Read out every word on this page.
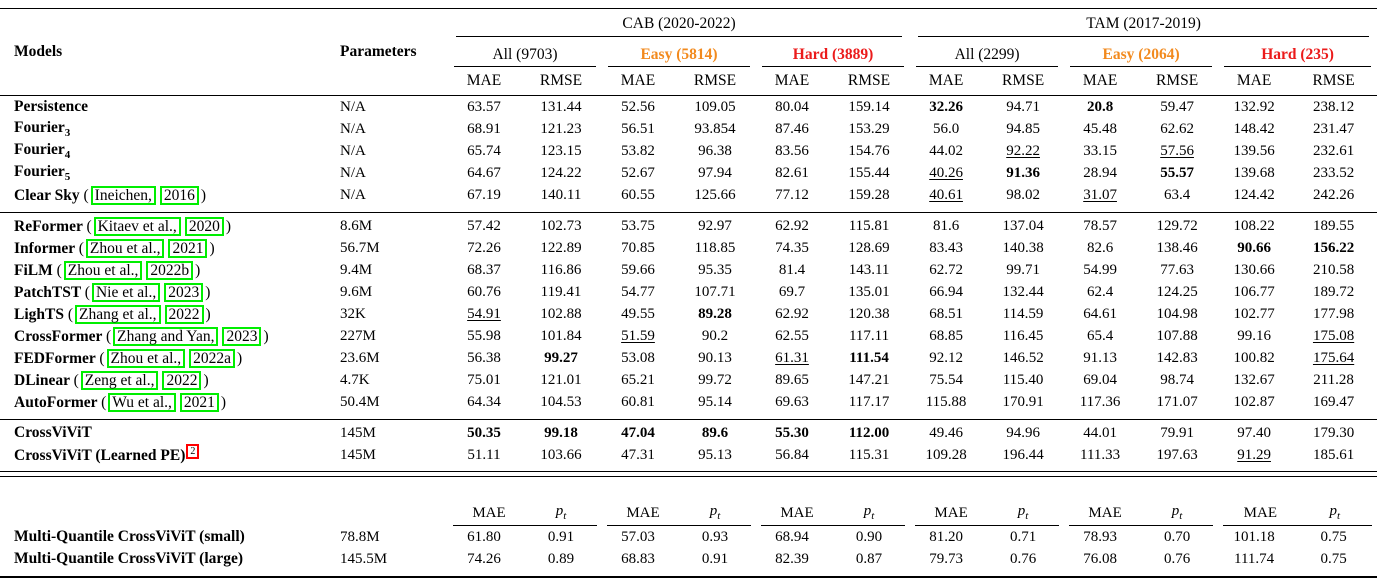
Models	Parameters	CAB (2020-2022)						TAM (2017-2019)					

		All (9703)		Easy (5814)		Hard (3889)		All (2299)		Easy (2064)		Hard (235)	

		MAE	RMSE	MAE	RMSE	MAE	RMSE	MAE	RMSE	MAE	RMSE	MAE	RMSE
Persistence	N/A	63.57	131.44	52.56	109.05	80.04	159.14	32.26	94.71	20.8	59.47	132.92	238.12
Fourier$_3$	N/A	68.91	121.23	56.51	93.854	87.46	153.29	56.0	94.85	45.48	62.62	148.42	231.47
Fourier$_4$	N/A	65.74	123.15	53.82	96.38	83.56	154.76	44.02	92.22	33.15	57.56	139.56	232.61
Fourier$_5$	N/A	64.67	124.22	52.67	97.94	82.61	155.44	40.26	91.36	28.94	55.57	139.68	233.52
Clear Sky ( Ineichen, 2016 )	N/A	67.19	140.11	60.55	125.66	77.12	159.28	40.61	98.02	31.07	63.4	124.42	242.26

ReFormer ( Kitaev et al., 2020 )	8.6M	57.42	102.73	53.75	92.97	62.92	115.81	81.6	137.04	78.57	129.72	108.22	189.55
Informer ( Zhou et al., 2021 )	56.7M	72.26	122.89	70.85	118.85	74.35	128.69	83.43	140.38	82.6	138.46	90.66	156.22
FiLM ( Zhou et al., 2022b )	9.4M	68.37	116.86	59.66	95.35	81.4	143.11	62.72	99.71	54.99	77.63	130.66	210.58
PatchTST ( Nie et al., 2023 )	9.6M	60.76	119.41	54.77	107.71	69.7	135.01	66.94	132.44	62.4	124.25	106.77	189.72
LighTS ( Zhang et al., 2022 )	32K	54.91	102.88	49.55	89.28	62.92	120.38	68.51	114.59	64.61	104.98	102.77	177.98
CrossFormer ( Zhang and Yan, 2023 )	227M	55.98	101.84	51.59	90.2	62.55	117.11	68.85	116.45	65.4	107.88	99.16	175.08
FEDFormer ( Zhou et al., 2022a )	23.6M	56.38	99.27	53.08	90.13	61.31	111.54	92.12	146.52	91.13	142.83	100.82	175.64
DLinear ( Zeng et al., 2022 )	4.7K	75.01	121.01	65.21	99.72	89.65	147.21	75.54	115.40	69.04	98.74	132.67	211.28
AutoFormer ( Wu et al., 2021 )	50.4M	64.34	104.53	60.81	95.14	69.63	117.17	115.88	170.91	117.36	171.07	102.87	169.47

CrossViViT	145M	50.35	99.18	47.04	89.6	55.30	112.00	49.46	94.96	44.01	79.91	97.40	179.30
CrossViViT (Learned PE) $^2$	145M	51.11	103.66	47.31	95.13	56.84	115.31	109.28	196.44	111.33	197.63	91.29	185.61

		MAE $p_t$		MAE $p_t$		MAE $p_t$		MAE $p_t$		MAE $p_t$		MAE $p_t$

Multi-Quantile CrossViViT (small)	78.8M	61.80	0.91	57.03	0.93	68.94	0.90	81.20	0.71	78.93	0.70	101.18	0.75
Multi-Quantile CrossViViT (large)	145.5M	74.26	0.89	68.83	0.91	82.39	0.87	79.73	0.76	76.08	0.76	111.74	0.75
